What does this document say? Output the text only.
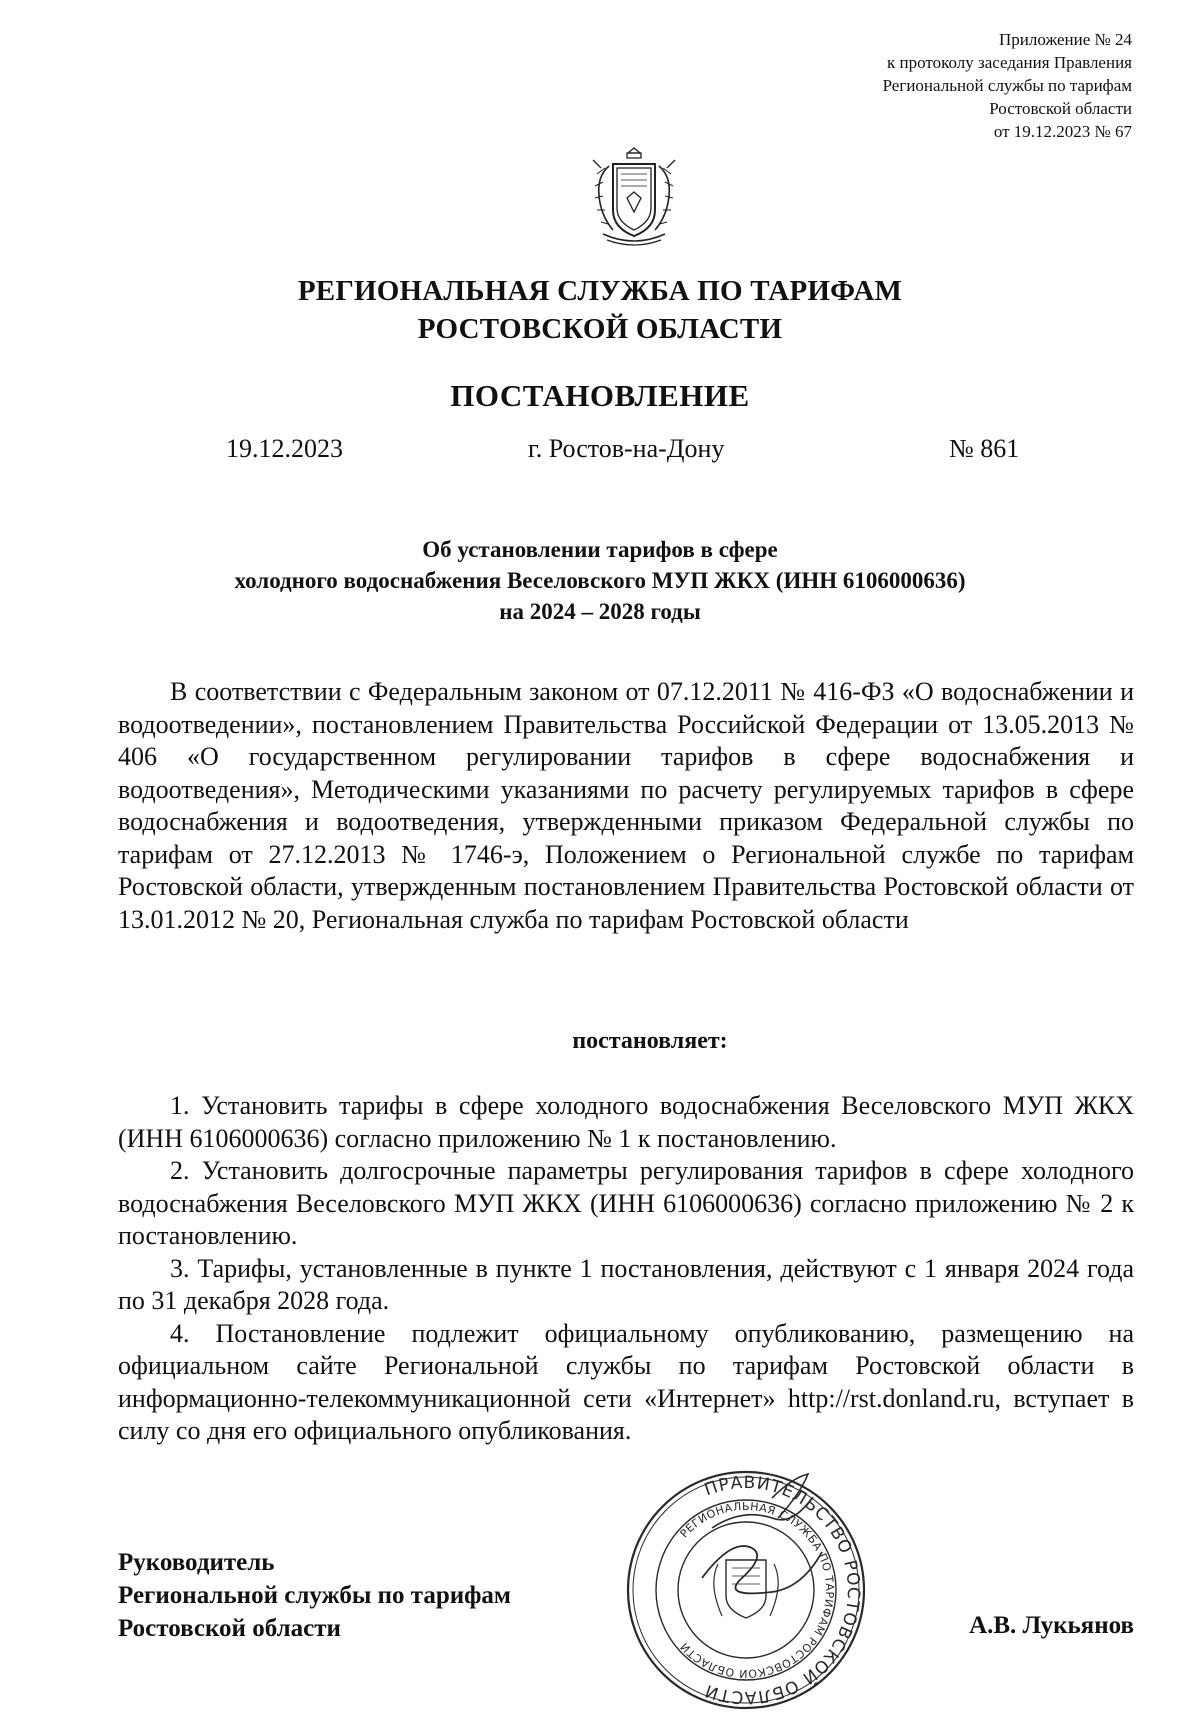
Приложение № 24
к протоколу заседания Правления
Региональной службы по тарифам
Ростовской области
от 19.12.2023 № 67
РЕГИОНАЛЬНАЯ СЛУЖБА ПО ТАРИФАМ
РОСТОВСКОЙ ОБЛАСТИ
ПОСТАНОВЛЕНИЕ
19.12.2023	г. Ростов-на-Дону	№ 861
Об установлении тарифов в сфере
холодного водоснабжения Веселовского МУП ЖКХ (ИНН 6106000636)
на 2024 – 2028 годы
В соответствии с Федеральным законом от 07.12.2011 № 416-ФЗ «О водоснабжении и водоотведении», постановлением Правительства Российской Федерации от 13.05.2013 № 406 «О государственном регулировании тарифов в сфере водоснабжения и водоотведения», Методическими указаниями по расчету регулируемых тарифов в сфере водоснабжения и водоотведения, утвержденными приказом Федеральной службы по тарифам от 27.12.2013 № 1746-э, Положением о Региональной службе по тарифам Ростовской области, утвержденным постановлением Правительства Ростовской области от 13.01.2012 № 20, Региональная служба по тарифам Ростовской области
постановляет:

1. Установить тарифы в сфере холодного водоснабжения Веселовского МУП ЖКХ (ИНН 6106000636) согласно приложению № 1 к постановлению.

2. Установить долгосрочные параметры регулирования тарифов в сфере холодного водоснабжения Веселовского МУП ЖКХ (ИНН 6106000636) согласно приложению № 2 к постановлению.

3. Тарифы, установленные в пункте 1 постановления, действуют с 1 января 2024 года по 31 декабря 2028 года.

4. Постановление подлежит официальному опубликованию, размещению на официальном сайте Региональной службы по тарифам Ростовской области в информационно-телекоммуникационной сети «Интернет» http://rst.donland.ru, вступает в силу со дня его официального опубликования.

Руководитель
Региональной службы по тарифам
Ростовской области
ПРАВИТЕЛЬСТВО РОСТОВСКОЙ ОБЛАСТИ
РЕГИОНАЛЬНАЯ СЛУЖБА ПО ТАРИФАМ РОСТОВСКОЙ ОБЛАСТИ
А.В. Лукьянов
